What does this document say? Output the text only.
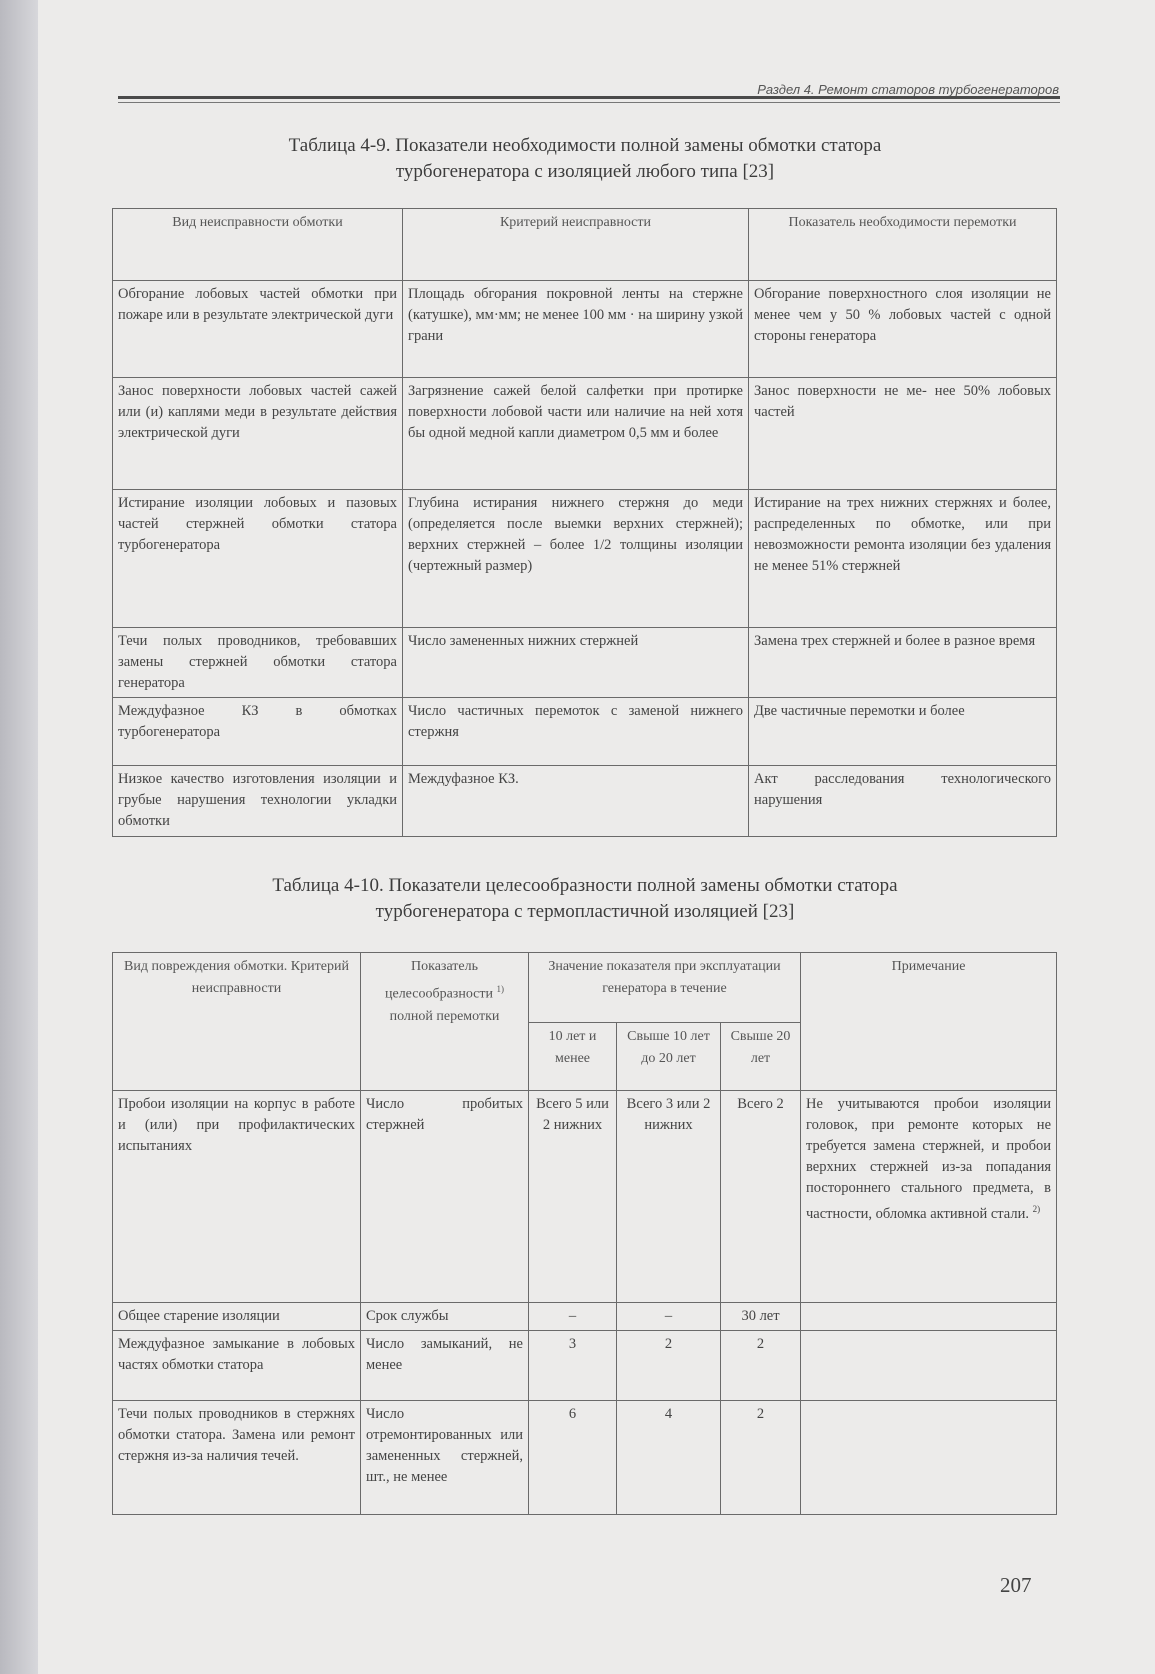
Раздел 4. Ремонт статоров турбогенераторов
Таблица 4-9. Показатели необходимости полной замены обмотки статора
турбогенератора с изоляцией любого типа [23]
Вид неисправности обмотки	Критерий неисправности	Показатель необходимости перемотки
Обгорание лобовых частей обмотки при пожаре или в результате электрической дуги	Площадь обгорания покровной ленты на стержне (катушке), мм·мм; не менее 100 мм · на ширину узкой грани	Обгорание поверхностного слоя изоляции не менее чем у 50 % лобовых частей с одной стороны генератора
Занос поверхности лобовых частей сажей или (и) каплями меди в результате действия электрической дуги	Загрязнение сажей белой салфетки при протирке поверхности лобовой части или наличие на ней хотя бы одной медной капли диаметром 0,5 мм и более	Занос поверхности не ме- нее 50% лобовых частей
Истирание изоляции лобовых и пазовых частей стержней обмотки статора турбогенератора	Глубина истирания нижнего стержня до меди (определяется после выемки верхних стержней); верхних стержней – более 1/2 толщины изоляции (чертежный размер)	Истирание на трех нижних стержнях и более, распределенных по обмотке, или при невозможности ремонта изоляции без удаления не менее 51% стержней
Течи полых проводников, требовавших замены стержней обмотки статора генератора	Число замененных нижних стержней	Замена трех стержней и более в разное время
Междуфазное КЗ в обмотках турбогенератора	Число частичных перемоток с заменой нижнего стержня	Две частичные перемотки и более
Низкое качество изготовления изоляции и грубые нарушения технологии укладки обмотки	Междуфазное КЗ.	Акт расследования технологического нарушения
Таблица 4-10. Показатели целесообразности полной замены обмотки статора
турбогенератора с термопластичной изоляцией [23]
Вид повреждения обмотки. Критерий неисправности	Показатель целесообразности $^{1)}$ полной перемотки	Значение показателя при эксплуатации генератора в течение			Примечание
		10 лет и менее	Свыше 10 лет до 20 лет	Свыше 20 лет	
Пробои изоляции на корпус в работе и (или) при профилактических испытаниях	Число пробитых стержней	Всего 5 или 2 нижних	Всего 3 или 2 нижних	Всего 2	Не учитываются пробои изоляции головок, при ремонте которых не требуется замена стержней, и пробои верхних стержней из-за попадания постороннего стального предмета, в частности, обломка активной стали. $^{2)}$
Общее старение изоляции	Срок службы	–	–	30 лет	
Междуфазное замыкание в лобовых частях обмотки статора	Число замыканий, не менее	3	2	2	
Течи полых проводников в стержнях обмотки статора. Замена или ремонт стержня из-за наличия течей.	Число отремонтированных или замененных стержней, шт., не менее	6	4	2	
207
